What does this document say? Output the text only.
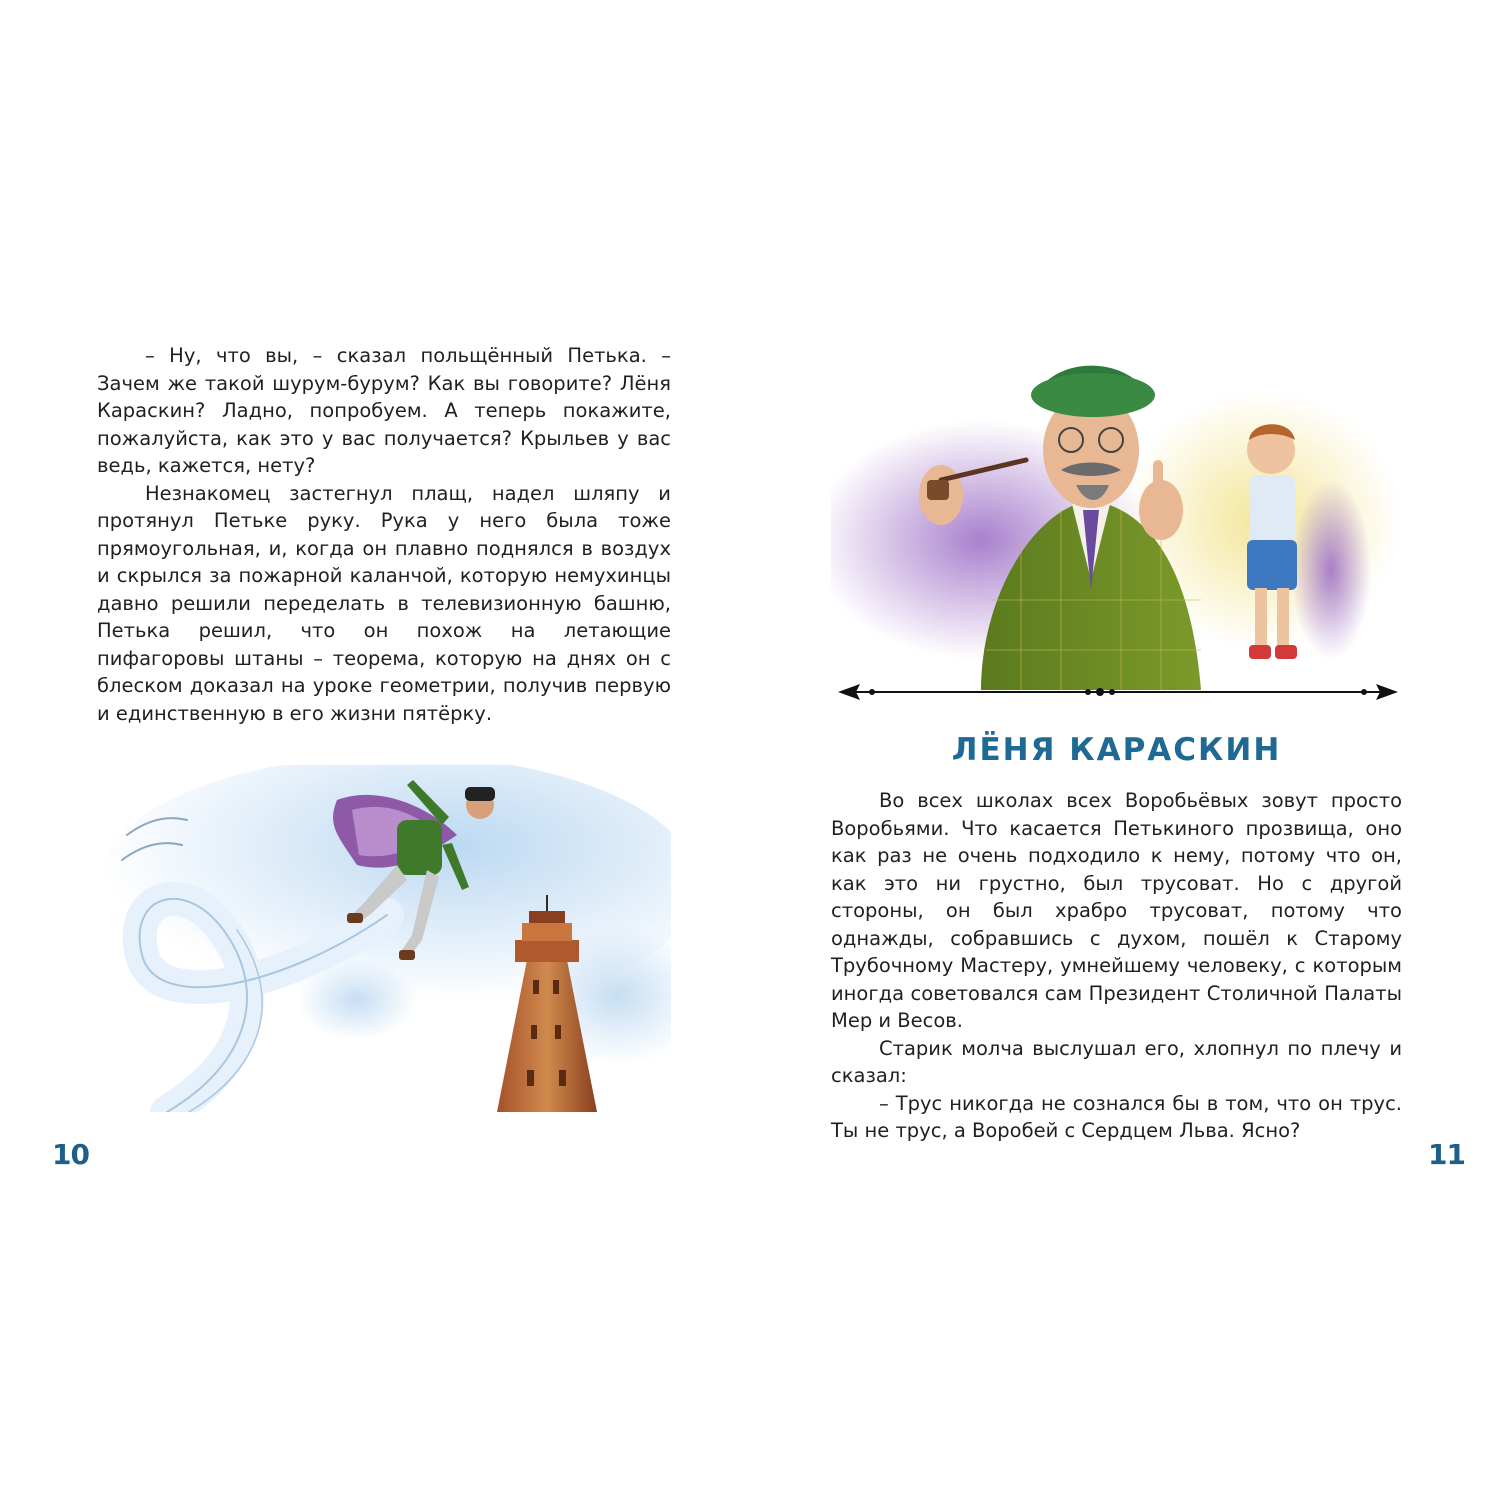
– Ну, что вы, – сказал польщённый Петька. – Зачем же такой шурум-бурум? Как вы говорите? Лёня Караскин? Ладно, попробуем. А теперь покажите, пожалуйста, как это у вас получается? Крыльев у вас ведь, кажется, нету?

Незнакомец застегнул плащ, надел шляпу и протянул Петьке руку. Рука у него была тоже прямоугольная, и, когда он плавно поднялся в воздух и скрылся за пожарной каланчой, которую немухинцы давно решили переделать в телевизионную башню, Петька решил, что он похож на летающие пифагоровы штаны – теорема, которую на днях он с блеском доказал на уроке геометрии, получив первую и единственную в его жизни пятёрку.

10
ЛЁНЯ КАРАСКИН

Во всех школах всех Воробьёвых зовут просто Воробьями. Что касается Петькиного прозвища, оно как раз не очень подходило к нему, потому что он, как это ни грустно, был трусоват. Но с другой стороны, он был храбро трусоват, потому что однажды, собравшись с духом, пошёл к Старому Трубочному Мастеру, умнейшему человеку, с которым иногда советовался сам Президент Столичной Палаты Мер и Весов.

Старик молча выслушал его, хлопнул по плечу и сказал:

– Трус никогда не сознался бы в том, что он трус. Ты не трус, а Воробей с Сердцем Льва. Ясно?

11
